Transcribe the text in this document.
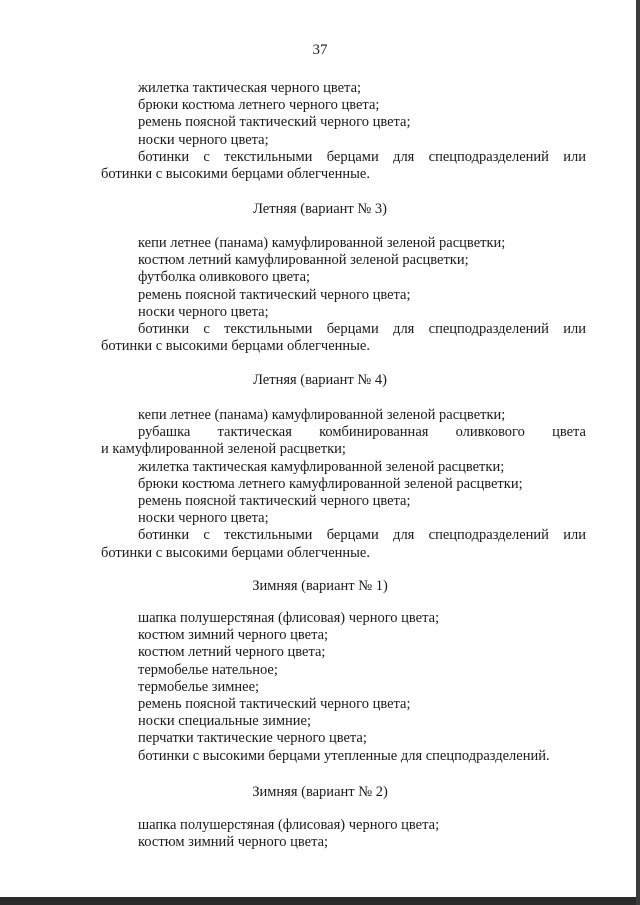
37
жилетка тактическая черного цвета;
брюки костюма летнего черного цвета;
ремень поясной тактический черного цвета;
носки черного цвета;
ботинки с текстильными берцами для спецподразделений или
ботинки с высокими берцами облегченные.
Летняя (вариант № 3)
кепи летнее (панама) камуфлированной зеленой расцветки;
костюм летний камуфлированной зеленой расцветки;
футболка оливкового цвета;
ремень поясной тактический черного цвета;
носки черного цвета;
ботинки с текстильными берцами для спецподразделений или
ботинки с высокими берцами облегченные.
Летняя (вариант № 4)
кепи летнее (панама) камуфлированной зеленой расцветки;
рубашка тактическая комбинированная оливкового цвета
и камуфлированной зеленой расцветки;
жилетка тактическая камуфлированной зеленой расцветки;
брюки костюма летнего камуфлированной зеленой расцветки;
ремень поясной тактический черного цвета;
носки черного цвета;
ботинки с текстильными берцами для спецподразделений или
ботинки с высокими берцами облегченные.
Зимняя (вариант № 1)
шапка полушерстяная (флисовая) черного цвета;
костюм зимний черного цвета;
костюм летний черного цвета;
термобелье нательное;
термобелье зимнее;
ремень поясной тактический черного цвета;
носки специальные зимние;
перчатки тактические черного цвета;
ботинки с высокими берцами утепленные для спецподразделений.
Зимняя (вариант № 2)
шапка полушерстяная (флисовая) черного цвета;
костюм зимний черного цвета;
